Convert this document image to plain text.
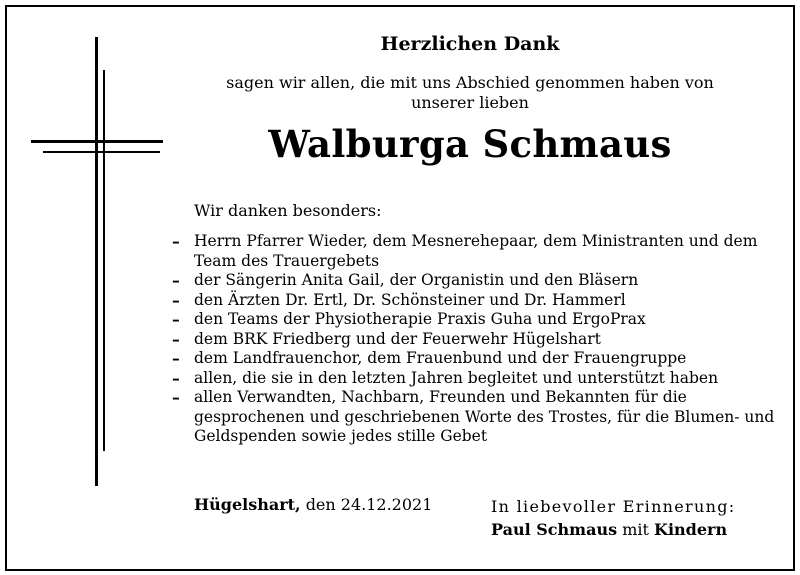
Herzlichen Dank
sagen wir allen, die mit uns Abschied genommen haben von unserer lieben
Walburga Schmaus
Wir danken besonders:
– Herrn Pfarrer Wieder, dem Mesnerehepaar, dem Ministranten und dem Team des Trauergebets
– der Sängerin Anita Gail, der Organistin und den Bläsern
– den Ärzten Dr. Ertl, Dr. Schönsteiner und Dr. Hammerl
– den Teams der Physiotherapie Praxis Guha und ErgoPrax
– dem BRK Friedberg und der Feuerwehr Hügelshart
– dem Landfrauenchor, dem Frauenbund und der Frauengruppe
– allen, die sie in den letzten Jahren begleitet und unterstützt haben
– allen Verwandten, Nachbarn, Freunden und Bekannten für die gesprochenen und geschriebenen Worte des Trostes, für die Blumen- und Geldspenden sowie jedes stille Gebet
Hügelshart, den 24.12.2021	In liebevoller Erinnerung:
Paul Schmaus mit Kindern
